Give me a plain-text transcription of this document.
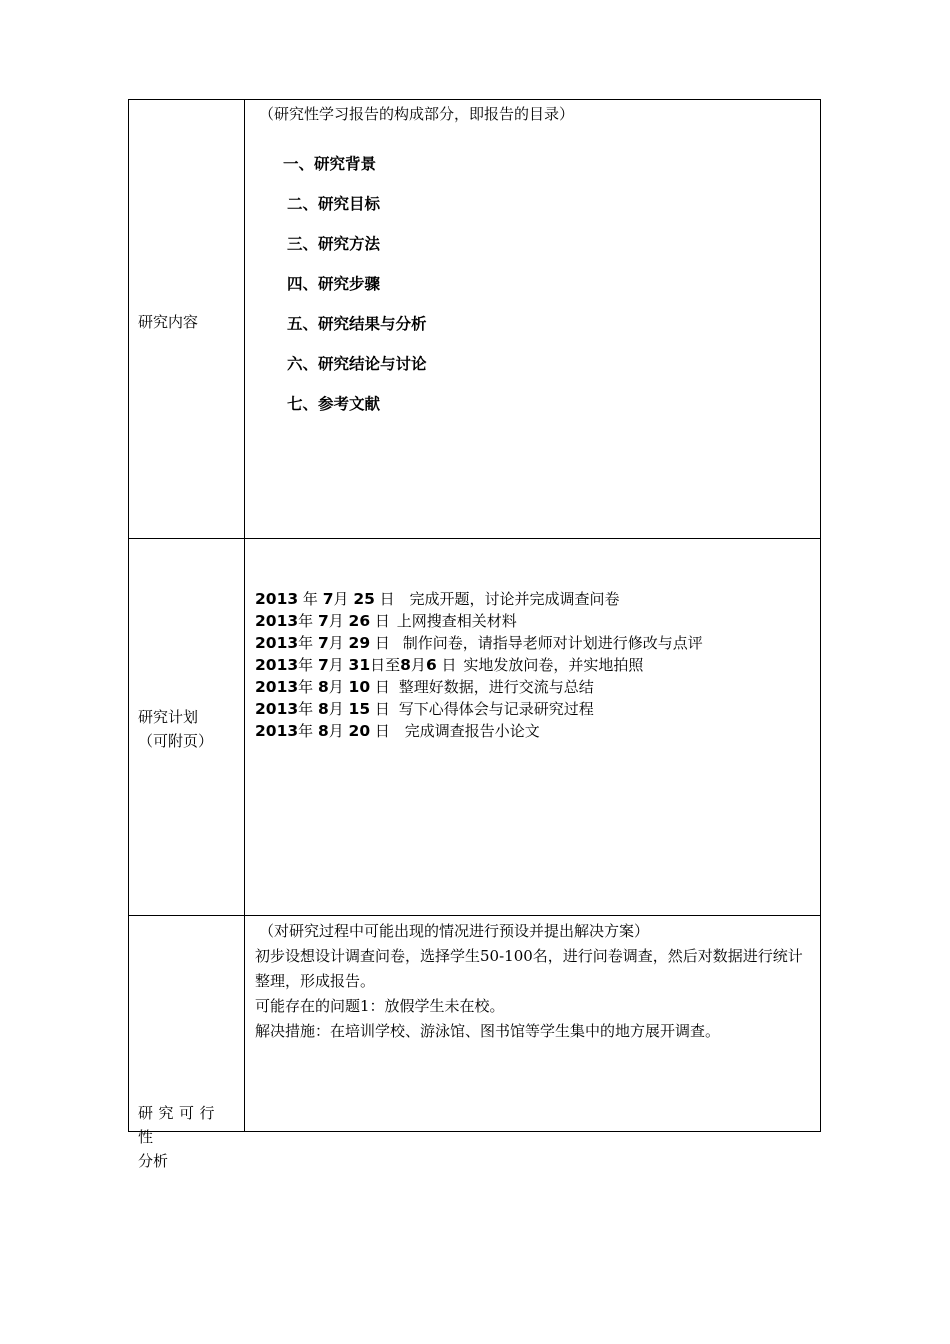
研究内容
（研究性学习报告的构成部分，即报告的目录）
一、研究背景
二、研究目标
三、研究方法
四、研究步骤
五、研究结果与分析
六、研究结论与讨论
七、参考文献
研究计划
（可附页）
2013 年 7月 25 日 完成开题，讨论并完成调查问卷
2013年 7月 26 日 上网搜查相关材料
2013年 7月 29 日 制作问卷，请指导老师对计划进行修改与点评
2013年 7月 31日至8月6 日 实地发放问卷，并实地拍照
2013年 8月 10 日 整理好数据，进行交流与总结
2013年 8月 15 日 写下心得体会与记录研究过程
2013年 8月 20 日 完成调查报告小论文
研究可行性
分析

（对研究过程中可能出现的情况进行预设并提出解决方案）

初步设想设计调查问卷，选择学生50-100名，进行问卷调查，然后对数据进行统计整理，形成报告。

可能存在的问题1：放假学生未在校。

解决措施：在培训学校、游泳馆、图书馆等学生集中的地方展开调查。
